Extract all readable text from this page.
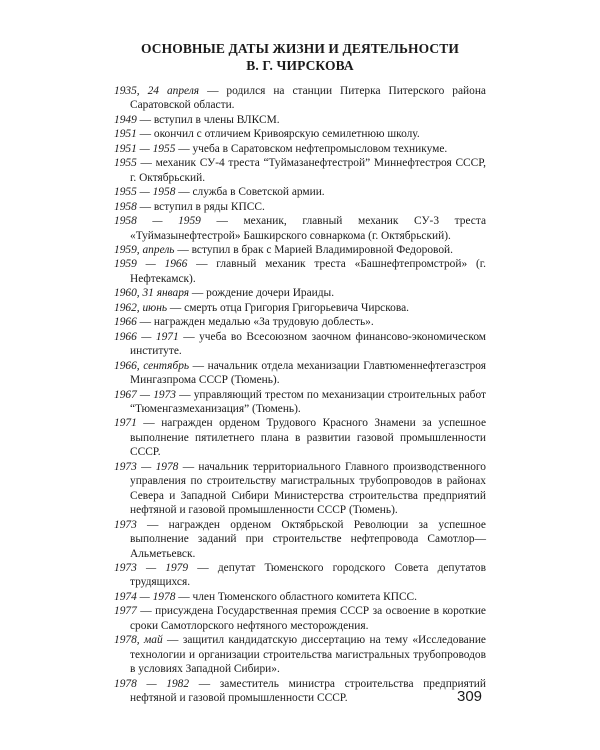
ОСНОВНЫЕ ДАТЫ ЖИЗНИ И ДЕЯТЕЛЬНОСТИ
В. Г. ЧИРСКОВА

1935, 24 апреля — родился на станции Питерка Питерского района Саратовской области.

1949 — вступил в члены ВЛКСМ.

1951 — окончил с отличием Кривоярскую семилетнюю школу.

1951 — 1955 — учеба в Саратовском нефтепромысловом техникуме.

1955 — механик СУ-4 треста “Туймазанефтестрой” Миннефтестроя СССР, г. Октябрьский.

1955 — 1958 — служба в Советской армии.

1958 — вступил в ряды КПСС.

1958 — 1959 — механик, главный механик СУ-3 треста «Туймазынефтестрой» Башкирского совнаркома (г. Октябрьский).

1959, апрель — вступил в брак с Марией Владимировной Федоровой.

1959 — 1966 — главный механик треста «Башнефтепромстрой» (г. Нефтекамск).

1960, 31 января — рождение дочери Ираиды.

1962, июнь — смерть отца Григория Григорьевича Чирскова.

1966 — награжден медалью «За трудовую доблесть».

1966 — 1971 — учеба во Всесоюзном заочном финансово-экономическом институте.

1966, сентябрь — начальник отдела механизации Главтюменнефтегазстроя Мингазпрома СССР (Тюмень).

1967 — 1973 — управляющий трестом по механизации строительных работ “Тюменгазмеханизация” (Тюмень).

1971 — награжден орденом Трудового Красного Знамени за успешное выполнение пятилетнего плана в развитии газовой промышленности СССР.

1973 — 1978 — начальник территориального Главного производственного управления по строительству магистральных трубопроводов в районах Севера и Западной Сибири Министерства строительства предприятий нефтяной и газовой промышленности СССР (Тюмень).

1973 — награжден орденом Октябрьской Революции за успешное выполнение заданий при строительстве нефтепровода Самотлор—Альметьевск.

1973 — 1979 — депутат Тюменского городского Совета депутатов трудящихся.

1974 — 1978 — член Тюменского областного комитета КПСС.

1977 — присуждена Государственная премия СССР за освоение в короткие сроки Самотлорского нефтяного месторождения.

1978, май — защитил кандидатскую диссертацию на тему «Исследование технологии и организации строительства магистральных трубопроводов в условиях Западной Сибири».

1978 — 1982 — заместитель министра строительства предприятий нефтяной и газовой промышленности СССР.	309
